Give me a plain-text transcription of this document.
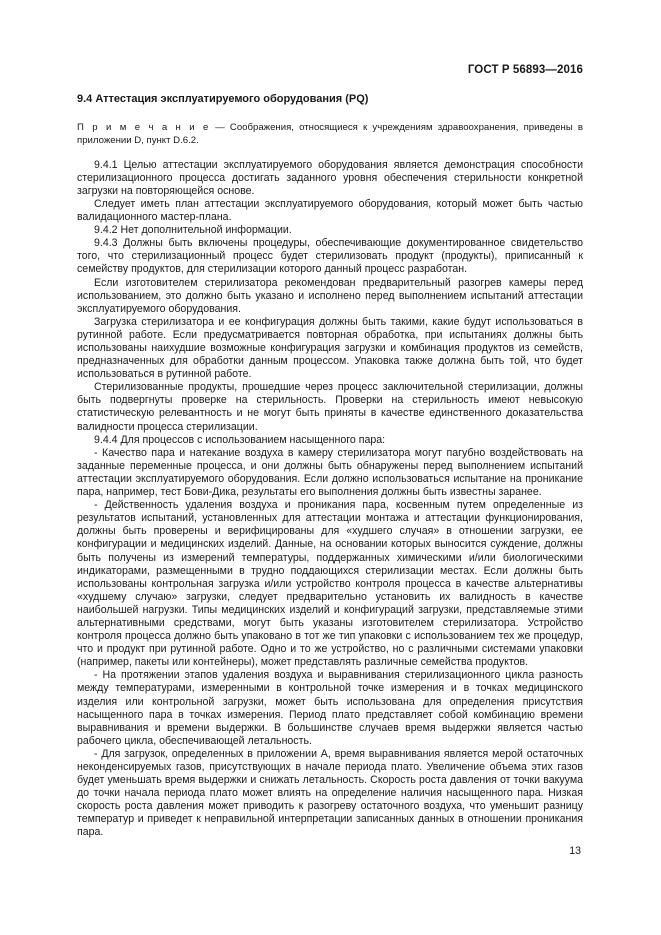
ГОСТ Р 56893—2016
9.4 Аттестация эксплуатируемого оборудования (PQ)
П р и м е ч а н и е — Соображения, относящиеся к учреждениям здравоохранения, приведены в приложении D, пункт D.6.2.

9.4.1 Целью аттестации эксплуатируемого оборудования является демонстрация способности стерилизационного процесса достигать заданного уровня обеспечения стерильности конкретной загрузки на повторяющейся основе.

Следует иметь план аттестации эксплуатируемого оборудования, который может быть частью валидационного мастер-плана.

9.4.2 Нет дополнительной информации.

9.4.3 Должны быть включены процедуры, обеспечивающие документированное свидетельство того, что стерилизационный процесс будет стерилизовать продукт (продукты), приписанный к семейству продуктов, для стерилизации которого данный процесс разработан.

Если изготовителем стерилизатора рекомендован предварительный разогрев камеры перед использованием, это должно быть указано и исполнено перед выполнением испытаний аттестации эксплуатируемого оборудования.

Загрузка стерилизатора и ее конфигурация должны быть такими, какие будут использоваться в рутинной работе. Если предусматривается повторная обработка, при испытаниях должны быть использованы наихудшие возможные конфигурация загрузки и комбинация продуктов из семейств, предназначенных для обработки данным процессом. Упаковка также должна быть той, что будет использоваться в рутинной работе.

Стерилизованные продукты, прошедшие через процесс заключительной стерилизации, должны быть подвергнуты проверке на стерильность. Проверки на стерильность имеют невысокую статистическую релевантность и не могут быть приняты в качестве единственного доказательства валидности процесса стерилизации.

9.4.4 Для процессов с использованием насыщенного пара:

- Качество пара и натекание воздуха в камеру стерилизатора могут пагубно воздействовать на заданные переменные процесса, и они должны быть обнаружены перед выполнением испытаний аттестации эксплуатируемого оборудования. Если должно использоваться испытание на проникание пара, например, тест Бови-Дика, результаты его выполнения должны быть известны заранее.

- Действенность удаления воздуха и проникания пара, косвенным путем определенные из результатов испытаний, установленных для аттестации монтажа и аттестации функционирования, должны быть проверены и верифицированы для «худшего случая» в отношении загрузки, ее конфигурации и медицинских изделий. Данные, на основании которых выносится суждение, должны быть получены из измерений температуры, поддержанных химическими и/или биологическими индикаторами, размещенными в трудно поддающихся стерилизации местах. Если должны быть использованы контрольная загрузка и/или устройство контроля процесса в качестве альтернативы «худшему случаю» загрузки, следует предварительно установить их валидность в качестве наибольшей нагрузки. Типы медицинских изделий и конфигураций загрузки, представляемые этими альтернативными средствами, могут быть указаны изготовителем стерилизатора. Устройство контроля процесса должно быть упаковано в тот же тип упаковки с использованием тех же процедур, что и продукт при рутинной работе. Одно и то же устройство, но с различными системами упаковки (например, пакеты или контейнеры), может представлять различные семейства продуктов.

- На протяжении этапов удаления воздуха и выравнивания стерилизационного цикла разность между температурами, измеренными в контрольной точке измерения и в точках медицинского изделия или контрольной загрузки, может быть использована для определения присутствия насыщенного пара в точках измерения. Период плато представляет собой комбинацию времени выравнивания и времени выдержки. В большинстве случаев время выдержки является частью рабочего цикла, обеспечивающей летальность.

- Для загрузок, определенных в приложении А, время выравнивания является мерой остаточных неконденсируемых газов, присутствующих в начале периода плато. Увеличение объема этих газов будет уменьшать время выдержки и снижать летальность. Скорость роста давления от точки вакуума до точки начала периода плато может влиять на определение наличия насыщенного пара. Низкая скорость роста давления может приводить к разогреву остаточного воздуха, что уменьшит разницу температур и приведет к неправильной интерпретации записанных данных в отношении проникания пара.

13
